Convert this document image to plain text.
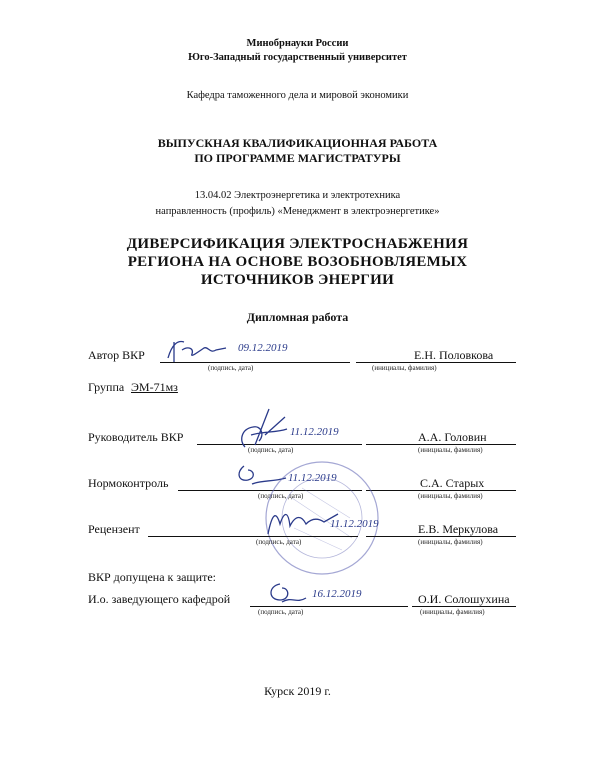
Минобрнауки России
Юго-Западный государственный университет
Кафедра таможенного дела и мировой экономики
ВЫПУСКНАЯ КВАЛИФИКАЦИОННАЯ РАБОТА
ПО ПРОГРАММЕ МАГИСТРАТУРЫ
13.04.02 Электроэнергетика и электротехника
направленность (профиль) «Менеджмент в электроэнергетике»
ДИВЕРСИФИКАЦИЯ ЭЛЕКТРОСНАБЖЕНИЯ
РЕГИОНА НА ОСНОВЕ ВОЗОБНОВЛЯЕМЫХ
ИСТОЧНИКОВ ЭНЕРГИИ
Дипломная работа
Автор ВКР	09.12.2019
(подпись, дата)
Е.Н. Половкова
(инициалы, фамилия)
Группа ЭМ-71мз
Руководитель ВКР	11.12.2019
(подпись, дата)
А.А. Головин
(инициалы, фамилия)
Нормоконтроль	11.12.2019
(подпись, дата)
С.А. Старых
(инициалы, фамилия)
Рецензент	11.12.2019
(подпись, дата)
Е.В. Меркулова
(инициалы, фамилия)
ВКР допущена к защите:
И.о. заведующего кафедрой	16.12.2019
(подпись, дата)
О.И. Солошухина
(инициалы, фамилия)
Курск 2019 г.
